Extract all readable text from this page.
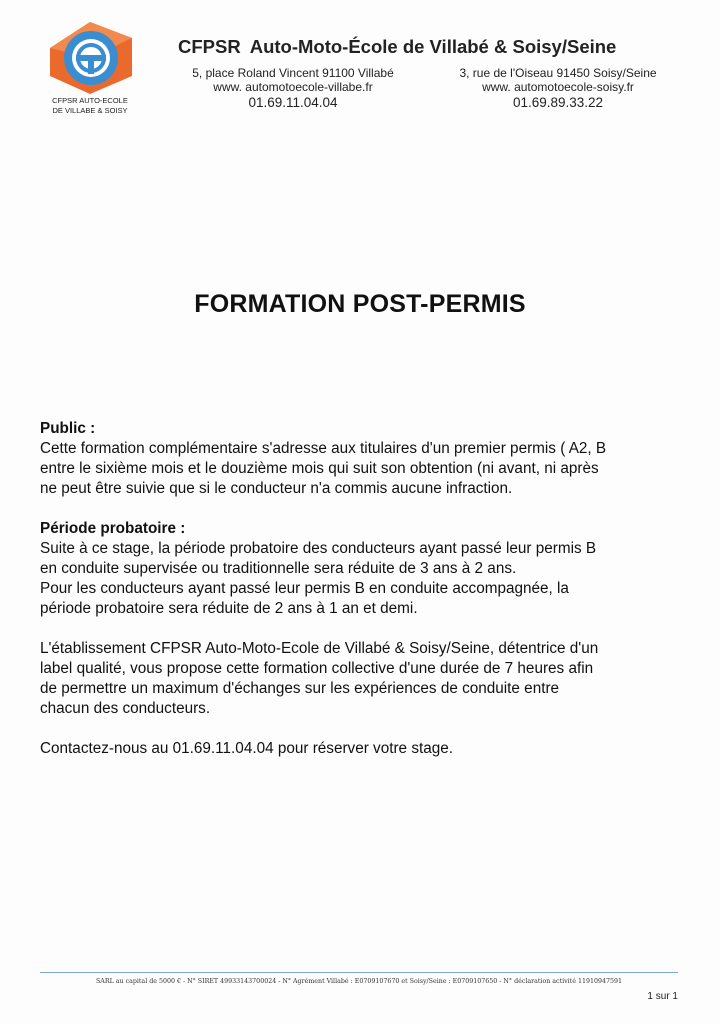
CFPSR AUTO-ECOLE
DE VILLABE & SOISY
CFPSR Auto-Moto-École de Villabé & Soisy/Seine
5, place Roland Vincent 91100 Villabé
www. automotoecole-villabe.fr
01.69.11.04.04
3, rue de l'Oiseau 91450 Soisy/Seine
www. automotoecole-soisy.fr
01.69.89.33.22
FORMATION POST-PERMIS

Public :

Cette formation complémentaire s'adresse aux titulaires d'un premier permis ( A2, B

entre le sixième mois et le douzième mois qui suit son obtention (ni avant, ni après

ne peut être suivie que si le conducteur n'a commis aucune infraction.

Période probatoire :

Suite à ce stage, la période probatoire des conducteurs ayant passé leur permis B

en conduite supervisée ou traditionnelle sera réduite de 3 ans à 2 ans.

Pour les conducteurs ayant passé leur permis B en conduite accompagnée, la

période probatoire sera réduite de 2 ans à 1 an et demi.

L'établissement CFPSR Auto-Moto-Ecole de Villabé & Soisy/Seine, détentrice d'un

label qualité, vous propose cette formation collective d'une durée de 7 heures afin

de permettre un maximum d'échanges sur les expériences de conduite entre

chacun des conducteurs.

Contactez-nous au 01.69.11.04.04 pour réserver votre stage.

SARL au capital de 5000 € - N° SIRET 49933143700024 - N° Agrément Villabé : E0709107670 et Soisy/Seine : E0709107650 - N° déclaration activité 11910947591
1 sur 1
